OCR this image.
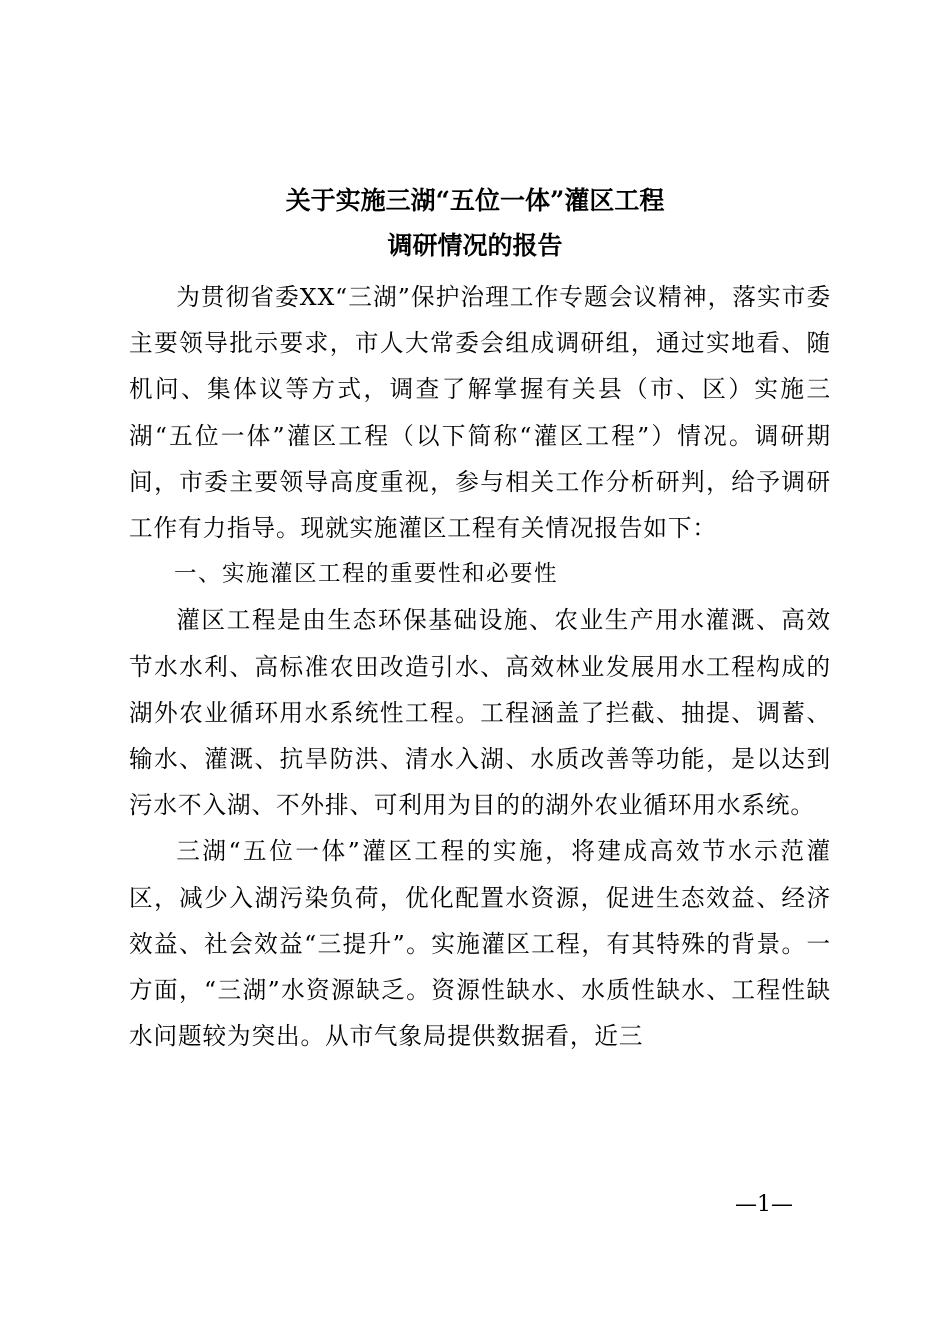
关于实施三湖“五位一体”灌区工程
调研情况的报告

为贯彻省委XX“三湖”保护治理工作专题会议精神，落实市委主要领导批示要求，市人大常委会组成调研组，通过实地看、随机问、集体议等方式，调查了解掌握有关县（市、区）实施三湖“五位一体”灌区工程（以下简称“灌区工程”）情况。调研期间，市委主要领导高度重视，参与相关工作分析研判，给予调研工作有力指导。现就实施灌区工程有关情况报告如下：

一、实施灌区工程的重要性和必要性

灌区工程是由生态环保基础设施、农业生产用水灌溉、高效节水水利、高标准农田改造引水、高效林业发展用水工程构成的湖外农业循环用水系统性工程。工程涵盖了拦截、抽提、调蓄、输水、灌溉、抗旱防洪、清水入湖、水质改善等功能，是以达到污水不入湖、不外排、可利用为目的的湖外农业循环用水系统。

三湖“五位一体”灌区工程的实施，将建成高效节水示范灌区，减少入湖污染负荷，优化配置水资源，促进生态效益、经济效益、社会效益“三提升”。实施灌区工程，有其特殊的背景。一方面，“三湖”水资源缺乏。资源性缺水、水质性缺水、工程性缺水问题较为突出。从市气象局提供数据看，近三

—1—
